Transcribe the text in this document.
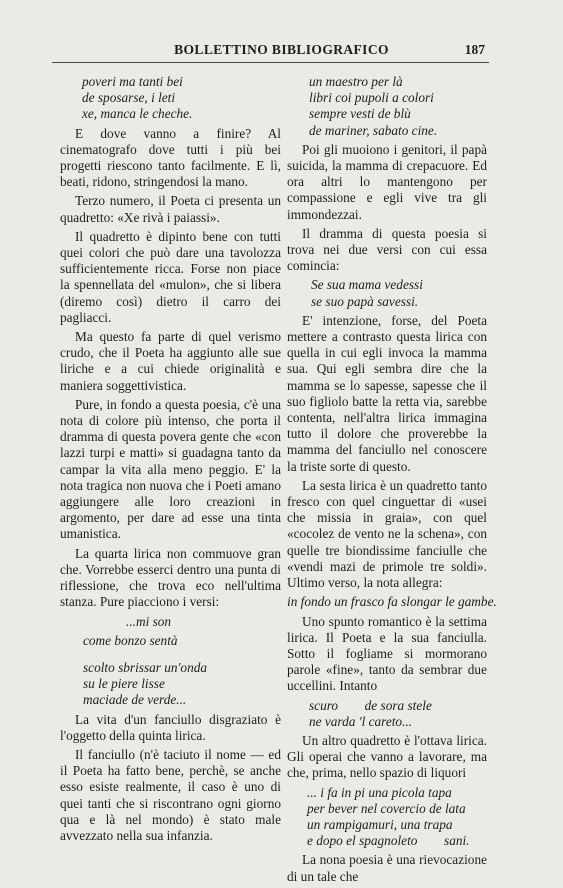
BOLLETTINO BIBLIOGRAFICO	187
poveri ma tanti bei
de sposarse, i leti
xe, manca le cheche.

E dove vanno a finire? Al cinematografo dove tutti i più bei progetti riescono tanto facilmente. E lì, beati, ridono, stringendosi la mano.

Terzo numero, il Poeta ci presenta un quadretto: «Xe rivà i paiassi».

Il quadretto è dipinto bene con tutti quei colori che può dare una tavolozza sufficientemente ricca. Forse non piace la spennellata del «mulon», che si libera (diremo così) dietro il carro dei pagliacci.

Ma questo fa parte di quel verismo crudo, che il Poeta ha aggiunto alle sue liriche e a cui chiede originalità e maniera soggettivistica.

Pure, in fondo a questa poesia, c'è una nota di colore più intenso, che porta il dramma di questa povera gente che «con lazzi turpi e matti» si guadagna tanto da campar la vita alla meno peggio. E' la nota tragica non nuova che i Poeti amano aggiungere alle loro creazioni in argomento, per dare ad esse una tinta umanistica.

La quarta lirica non commuove gran che. Vorrebbe esserci dentro una punta di riflessione, che trova eco nell'ultima stanza. Pure piacciono i versi:

...mi son
come bonzo sentà
scolto sbrissar un'onda
su le piere lisse
maciade de verde...

La vita d'un fanciullo disgraziato è l'oggetto della quinta lirica.

Il fanciullo (n'è taciuto il nome — ed il Poeta ha fatto bene, perchè, se anche esso esiste realmente, il caso è uno di quei tanti che si riscontrano ogni giorno qua e là nel mondo) è stato male avvezzato nella sua infanzia.

un maestro per là
libri coi pupoli a colori
sempre vesti de blù
de mariner, sabato cine.

Poi gli muoiono i genitori, il papà suicida, la mamma di crepacuore. Ed ora altri lo mantengono per compassione e egli vive tra gli immondezzai.

Il dramma di questa poesia si trova nei due versi con cui essa comincia:

Se sua mama vedessi
se suo papà savessi.

E' intenzione, forse, del Poeta mettere a contrasto questa lirica con quella in cui egli invoca la mamma sua. Qui egli sembra dire che la mamma se lo sapesse, sapesse che il suo figliolo batte la retta via, sarebbe contenta, nell'altra lirica immagina tutto il dolore che proverebbe la mamma del fanciullo nel conoscere la triste sorte di questo.

La sesta lirica è un quadretto tanto fresco con quel cinguettar di «usei che missia in graia», con quel «cocolez de vento ne la schena», con quelle tre biondissime fanciulle che «vendi mazi de primole tre soldi». Ultimo verso, la nota allegra:

in fondo un frasco fa slongar le gambe.

Uno spunto romantico è la settima lirica. Il Poeta e la sua fanciulla. Sotto il fogliame si mormorano parole «fine», tanto da sembrar due uccellini. Intanto

scuro        de sora stele
ne varda 'l careto...

Un altro quadretto è l'ottava lirica. Gli operai che vanno a lavorare, ma che, prima, nello spazio di liquori

... i fa in pi una picola tapa
per bever nel covercio de lata
un rampigamuri, una trapa
e dopo el spagnoleto        sani.

La nona poesia è una rievocazione di un tale che
